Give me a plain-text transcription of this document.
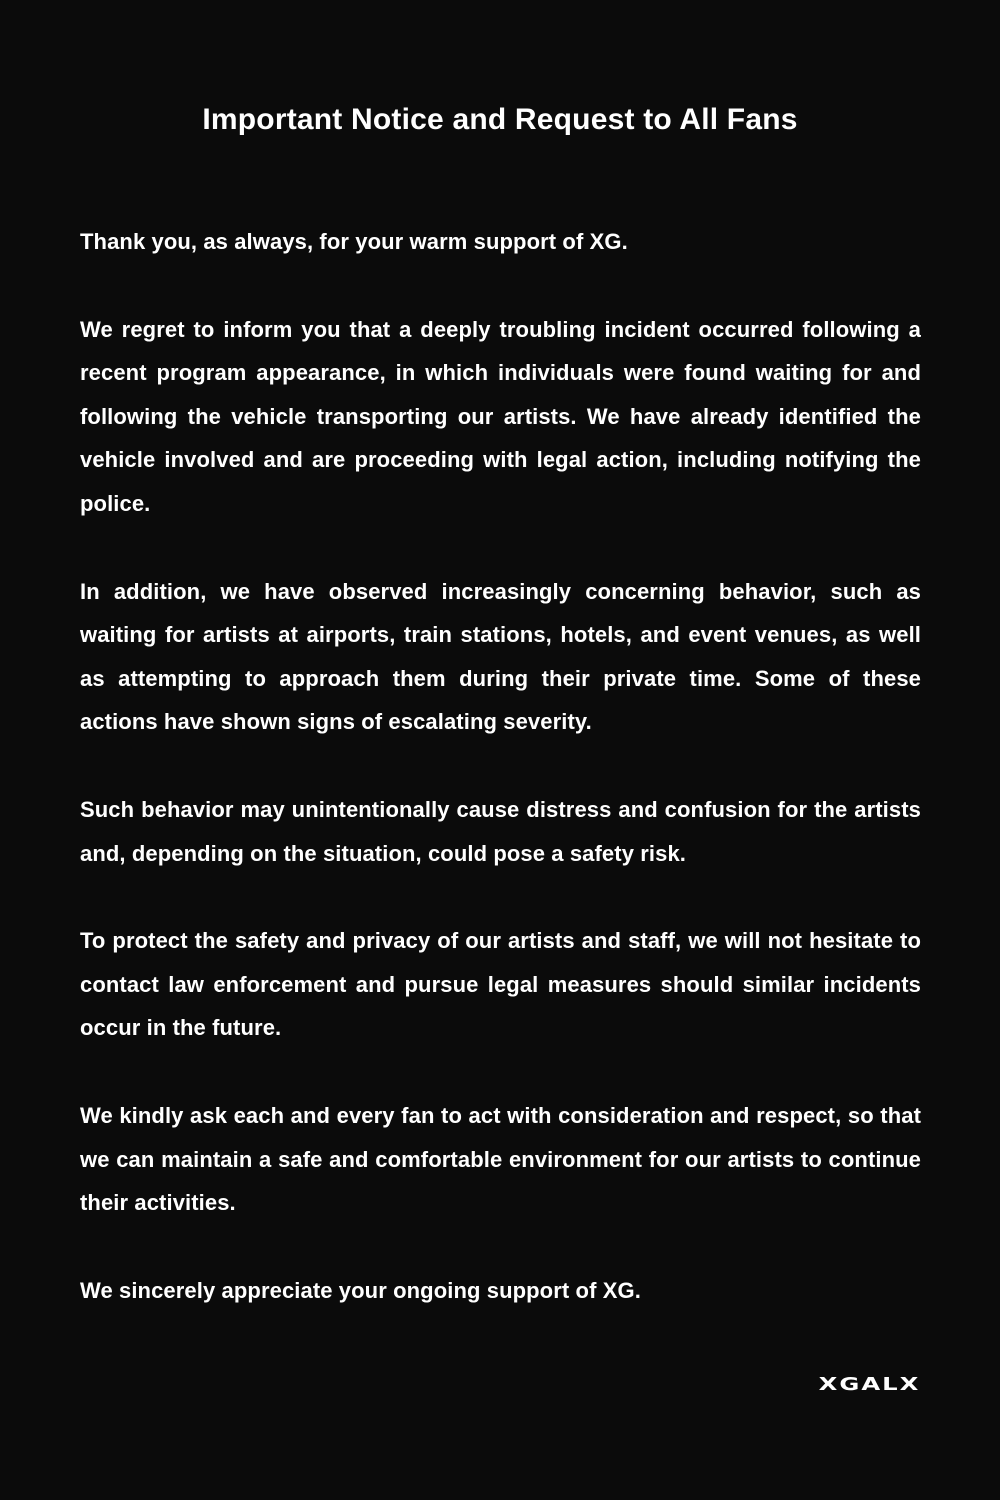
Important Notice and Request to All Fans

Thank you, as always, for your warm support of XG.

We regret to inform you that a deeply troubling incident occurred following a recent program appearance, in which individuals were found waiting for and following the vehicle transporting our artists. We have already identified the vehicle involved and are proceeding with legal action, including notifying the police.

In addition, we have observed increasingly concerning behavior, such as waiting for artists at airports, train stations, hotels, and event venues, as well as attempting to approach them during their private time. Some of these actions have shown signs of escalating severity.

Such behavior may unintentionally cause distress and confusion for the artists and, depending on the situation, could pose a safety risk.

To protect the safety and privacy of our artists and staff, we will not hesitate to contact law enforcement and pursue legal measures should similar incidents occur in the future.

We kindly ask each and every fan to act with consideration and respect, so that we can maintain a safe and comfortable environment for our artists to continue their activities.

We sincerely appreciate your ongoing support of XG.

XGALX
